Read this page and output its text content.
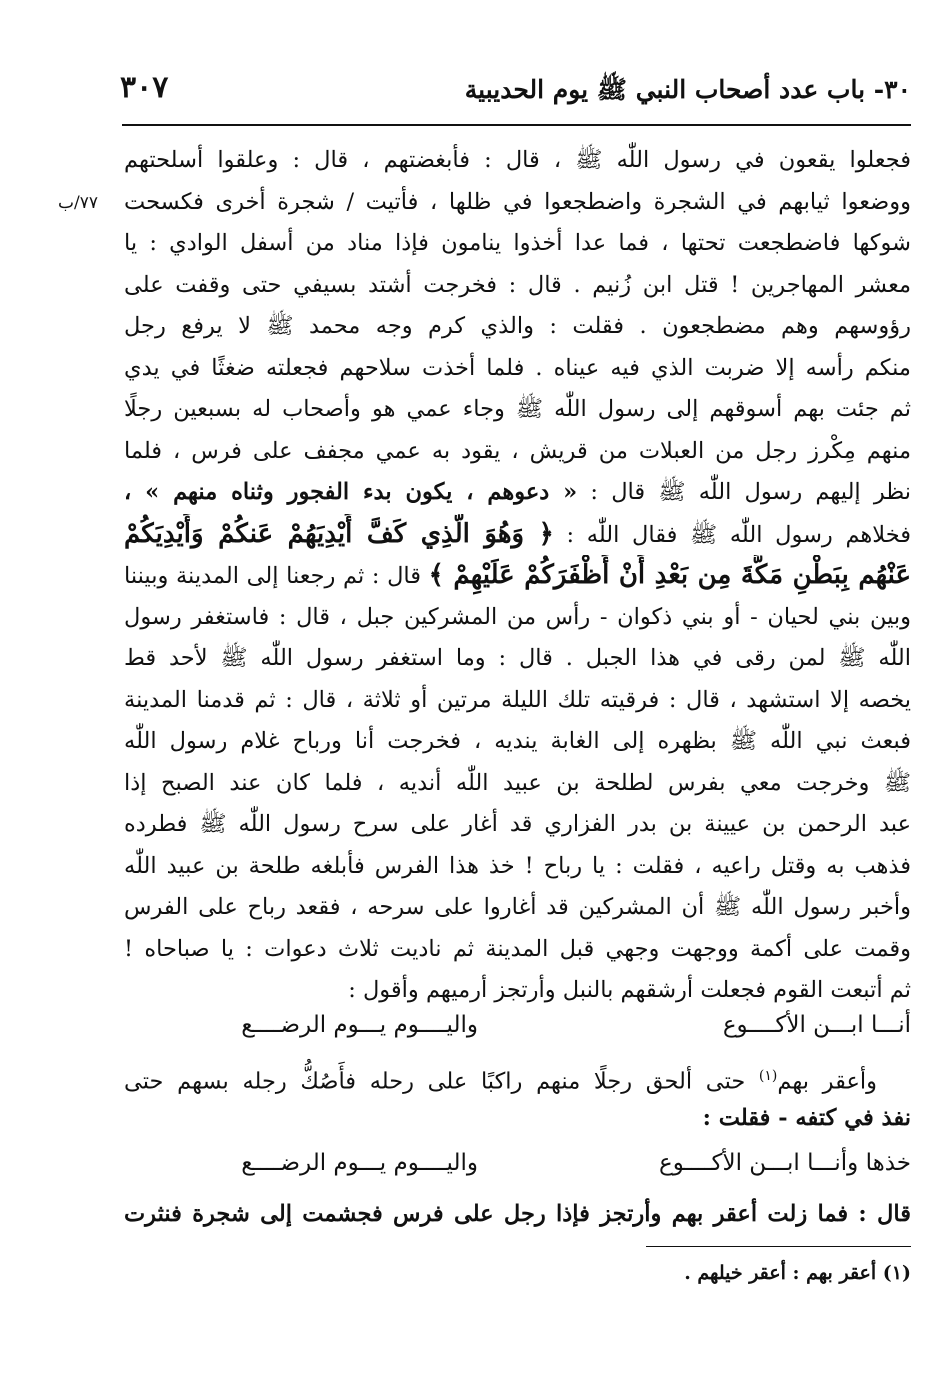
٣٠٧	٣٠- باب عدد أصحاب النبي ﷺ يوم الحديبية
٧٧/ب
فجعلوا يقعون في رسول اللّٰه ﷺ ، قال : فأبغضتهم ، قال : وعلقوا أسلحتهم
ووضعوا ثيابهم في الشجرة واضطجعوا في ظلها ، فأتيت / شجرة أخرى فكسحت
شوكها فاضطجعت تحتها ، فما عدا أخذوا ينامون فإذا مناد من أسفل الوادي : يا
معشر المهاجرين ! قتل ابن زُنيم . قال : فخرجت أشتد بسيفي حتى وقفت على
رؤوسهم وهم مضطجعون . فقلت : والذي كرم وجه محمد ﷺ لا يرفع رجل
منكم رأسه إلا ضربت الذي فيه عيناه . فلما أخذت سلاحهم فجعلته ضغثًا في يدي
ثم جئت بهم أسوقهم إلى رسول اللّٰه ﷺ وجاء عمي هو وأصحاب له بسبعين رجلًا
منهم مِكْرز رجل من العبلات من قريش ، يقود به عمي مجفف على فرس ، فلما
نظر إليهم رسول اللّٰه ﷺ قال : « دعوهم ، يكون بدء الفجور وثناه منهم » ،
فخلاهم رسول اللّٰه ﷺ فقال اللّٰه : ﴿ وَهُوَ الَّذِي كَفَّ أَيْدِيَهُمْ عَنكُمْ وَأَيْدِيَكُمْ
عَنْهُم بِبَطْنِ مَكَّةَ مِن بَعْدِ أَنْ أَظْفَرَكُمْ عَلَيْهِمْ ﴾ قال : ثم رجعنا إلى المدينة وبيننا
وبين بني لحيان - أو بني ذكوان - رأس من المشركين جبل ، قال : فاستغفر رسول
اللّٰه ﷺ لمن رقى في هذا الجبل . قال : وما استغفر رسول اللّٰه ﷺ لأحد قط
يخصه إلا استشهد ، قال : فرقيته تلك الليلة مرتين أو ثلاثة ، قال : ثم قدمنا المدينة
فبعث نبي اللّٰه ﷺ بظهره إلى الغابة ينديه ، فخرجت أنا ورباح غلام رسول اللّٰه
ﷺ وخرجت معي بفرس لطلحة بن عبيد اللّٰه أنديه ، فلما كان عند الصبح إذا
عبد الرحمن بن عيينة بن بدر الفزاري قد أغار على سرح رسول اللّٰه ﷺ فطرده
فذهب به وقتل راعيه ، فقلت : يا رباح ! خذ هذا الفرس فأبلغه طلحة بن عبيد اللّٰه
وأخبر رسول اللّٰه ﷺ أن المشركين قد أغاروا على سرحه ، فقعد رباح على الفرس
وقمت على أكمة ووجهت وجهي قبل المدينة ثم ناديت ثلاث دعوات : يا صباحاه !
ثم أتبعت القوم فجعلت أرشقهم بالنبل وأرتجز أرميهم وأقول :
أنـــا ابـــن الأكــــوع
واليــــوم يـــوم الرضــــع
وأعقر بهم$^{(١)}$ حتى ألحق رجلًا منهم راكبًا على رحله فأَصُكُّ رجله بسهم حتى
نفذ في كتفه - فقلت :
خذها وأنـــا ابـــن الأكــــوع
واليــــوم يـــوم الرضــــع
قال : فما زلت أعقر بهم وأرتجز فإذا رجل على فرس فجشمت إلى شجرة فنثرت
(١) أعقر بهم : أعقر خيلهم .
